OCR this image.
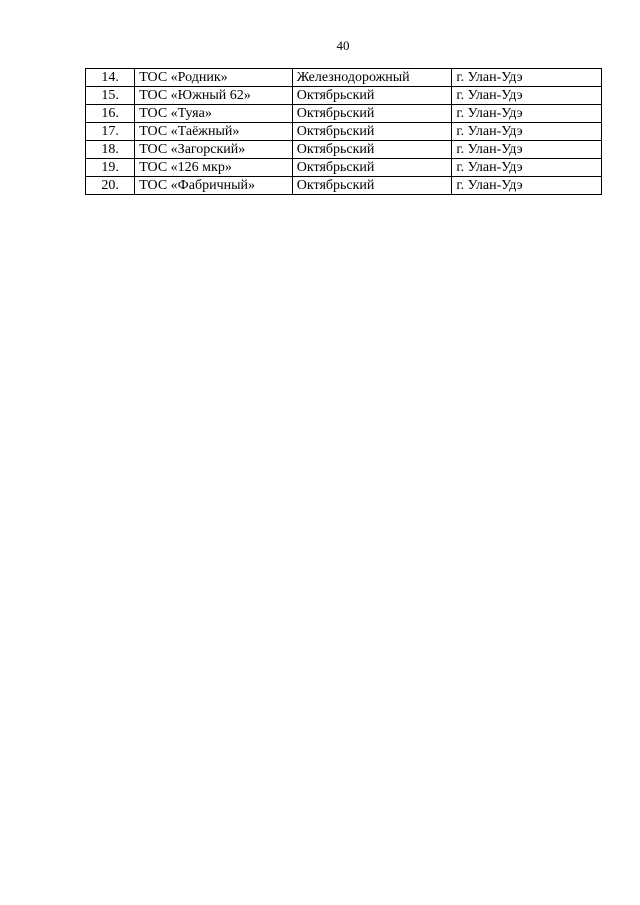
40
14.	ТОС «Родник»	Железнодорожный	г. Улан-Удэ
15.	ТОС «Южный 62»	Октябрьский	г. Улан-Удэ
16.	ТОС «Туяа»	Октябрьский	г. Улан-Удэ
17.	ТОС «Таёжный»	Октябрьский	г. Улан-Удэ
18.	ТОС «Загорский»	Октябрьский	г. Улан-Удэ
19.	ТОС «126 мкр»	Октябрьский	г. Улан-Удэ
20.	ТОС «Фабричный»	Октябрьский	г. Улан-Удэ
